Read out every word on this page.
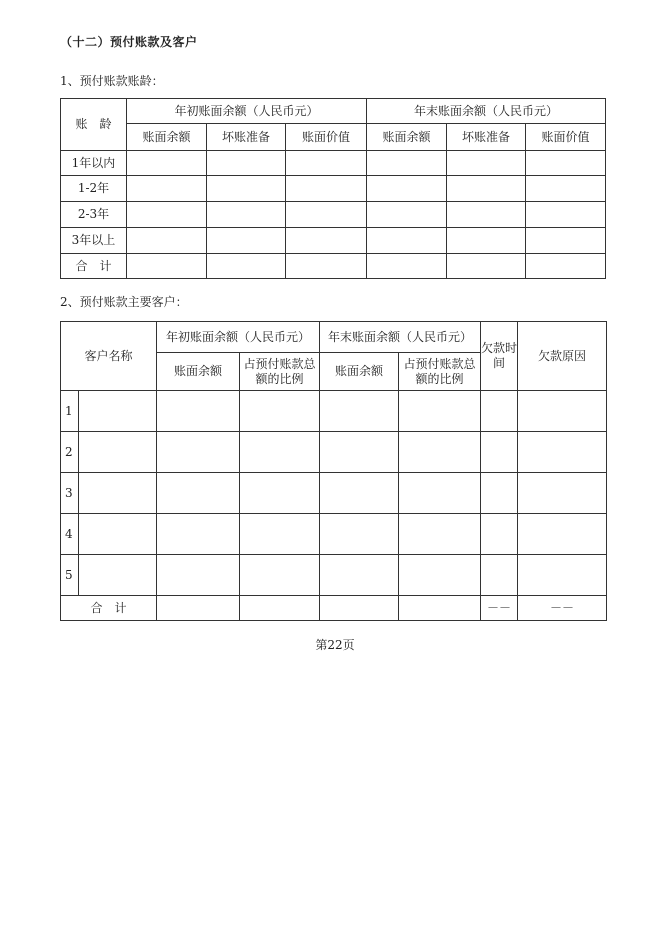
（十二）预付账款及客户
1、预付账款账龄：
账　龄	年初账面余额（人民币元）			年末账面余额（人民币元）		
	账面余额	坏账准备	账面价值	账面余额	坏账准备	账面价值
1年以内						
1-2年						
2-3年						
3年以上						
合　计						
2、预付账款主要客户：
客户名称		年初账面余额（人民币元）		年末账面余额（人民币元）		欠款时间	欠款原因
		账面余额	占预付账款总额的比例	账面余额	占预付账款总额的比例		
1							
2							
3							
4							
5							
合　计						－－	－－
第22页
